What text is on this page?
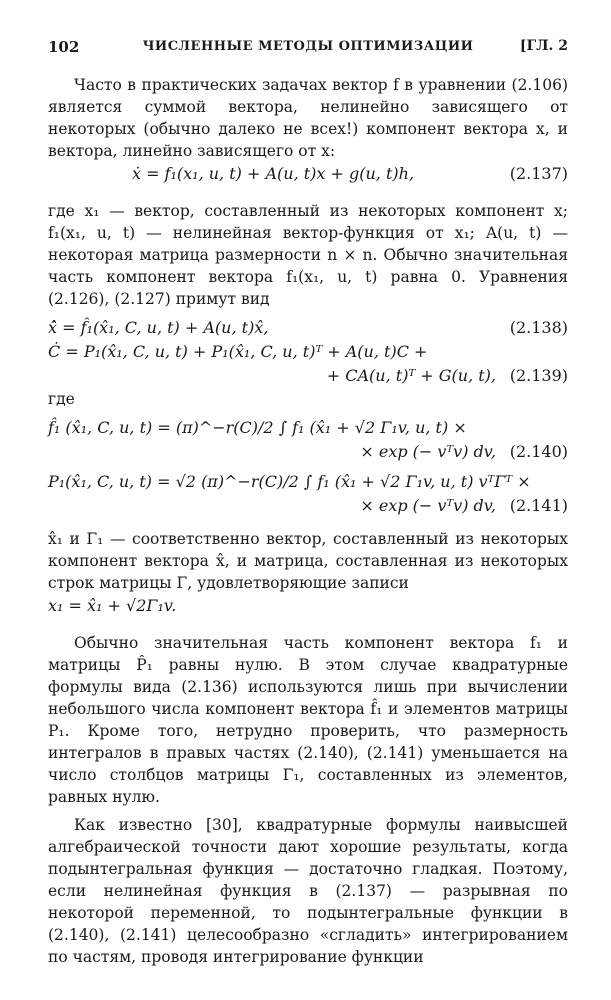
102	ЧИСЛЕННЫЕ МЕТОДЫ ОПТИМИЗАЦИИ	[ГЛ. 2

Часто в практических задачах вектор f в уравнении (2.106) является суммой вектора, нелинейно зависящего от некоторых (обычно далеко не всех!) компонент вектора x, и вектора, линейно зависящего от x:

ẋ = f₁(x₁, u, t) + A(u, t)x + g(u, t)h,	(2.137)

где x₁ — вектор, составленный из некоторых компонент x; f₁(x₁, u, t) — нелинейная вектор-функция от x₁; A(u, t) — некоторая матрица размерности n × n. Обычно значительная часть компонент вектора f₁(x₁, u, t) равна 0. Уравнения (2.126), (2.127) примут вид

x̂̇ = f̂₁(x̂₁, C, u, t) + A(u, t)x̂,	(2.138)
Ċ = P₁(x̂₁, C, u, t) + P₁(x̂₁, C, u, t)ᵀ + A(u, t)C +
+ CA(u, t)ᵀ + G(u, t), (2.139)

где

f̂₁ (x̂₁, C, u, t) = (π)^−r(C)/2 ∫ f₁ (x̂₁ + √2 Γ₁v, u, t) ×
× exp (− vᵀv) dv, (2.140)
P₁(x̂₁, C, u, t) = √2 (π)^−r(C)/2 ∫ f₁ (x̂₁ + √2 Γ₁v, u, t) vᵀΓᵀ ×
× exp (− vᵀv) dv, (2.141)

x̂₁ и Γ₁ — соответственно вектор, составленный из некоторых компонент вектора x̂, и матрица, составленная из некоторых строк матрицы Γ, удовлетворяющие записи

x₁ = x̂₁ + √2Γ₁v.

Обычно значительная часть компонент вектора f₁ и матрицы P̂₁ равны нулю. В этом случае квадратурные формулы вида (2.136) используются лишь при вычислении небольшого числа компонент вектора f̂₁ и элементов матрицы P₁. Кроме того, нетрудно проверить, что размерность интегралов в правых частях (2.140), (2.141) уменьшается на число столбцов матрицы Γ₁, составленных из элементов, равных нулю.

Как известно [30], квадратурные формулы наивысшей алгебраической точности дают хорошие результаты, когда подынтегральная функция — достаточно гладкая. Поэтому, если нелинейная функция в (2.137) — разрывная по некоторой переменной, то подынтегральные функции в (2.140), (2.141) целесообразно «сгладить» интегрированием по частям, проводя интегрирование функции
